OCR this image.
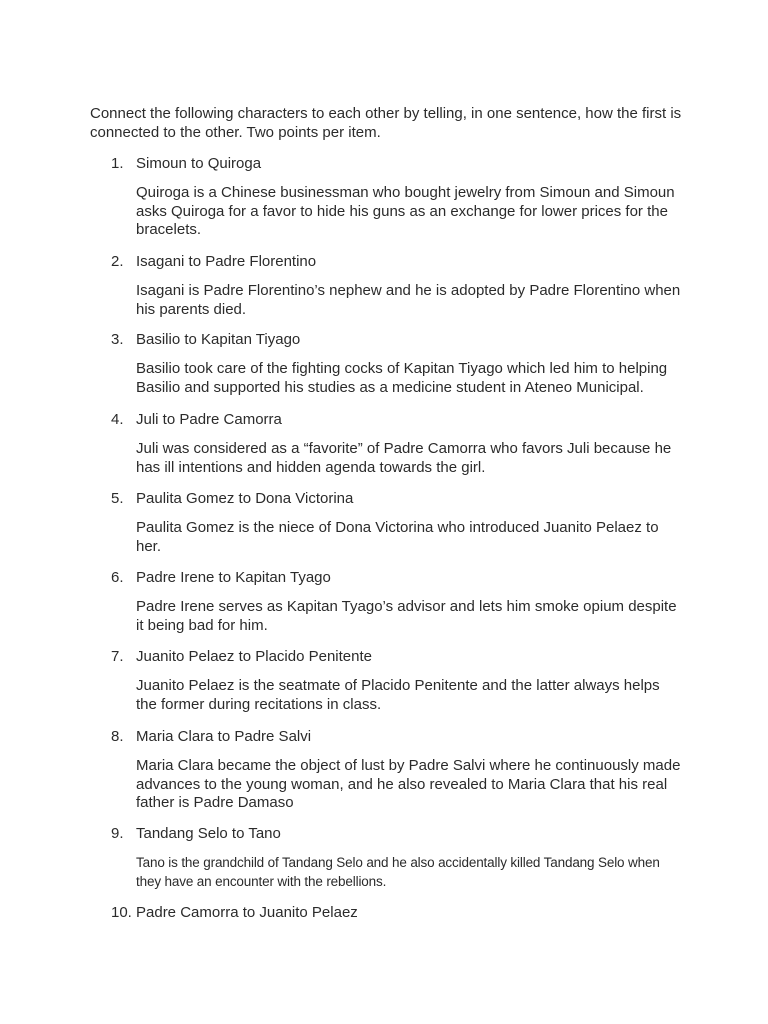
Connect the following characters to each other by telling, in one sentence, how the first is connected to the other. Two points per item.

1. Simoun to Quiroga

Quiroga is a Chinese businessman who bought jewelry from Simoun and Simoun asks Quiroga for a favor to hide his guns as an exchange for lower prices for the bracelets.

2. Isagani to Padre Florentino

Isagani is Padre Florentino’s nephew and he is adopted by Padre Florentino when his parents died.

3. Basilio to Kapitan Tiyago

Basilio took care of the fighting cocks of Kapitan Tiyago which led him to helping Basilio and supported his studies as a medicine student in Ateneo Municipal.

4. Juli to Padre Camorra

Juli was considered as a “favorite” of Padre Camorra who favors Juli because he has ill intentions and hidden agenda towards the girl.

5. Paulita Gomez to Dona Victorina

Paulita Gomez is the niece of Dona Victorina who introduced Juanito Pelaez to her.

6. Padre Irene to Kapitan Tyago

Padre Irene serves as Kapitan Tyago’s advisor and lets him smoke opium despite it being bad for him.

7. Juanito Pelaez to Placido Penitente

Juanito Pelaez is the seatmate of Placido Penitente and the latter always helps the former during recitations in class.

8. Maria Clara to Padre Salvi

Maria Clara became the object of lust by Padre Salvi where he continuously made advances to the young woman, and he also revealed to Maria Clara that his real father is Padre Damaso

9. Tandang Selo to Tano

Tano is the grandchild of Tandang Selo and he also accidentally killed Tandang Selo when they have an encounter with the rebellions.

10. Padre Camorra to Juanito Pelaez
